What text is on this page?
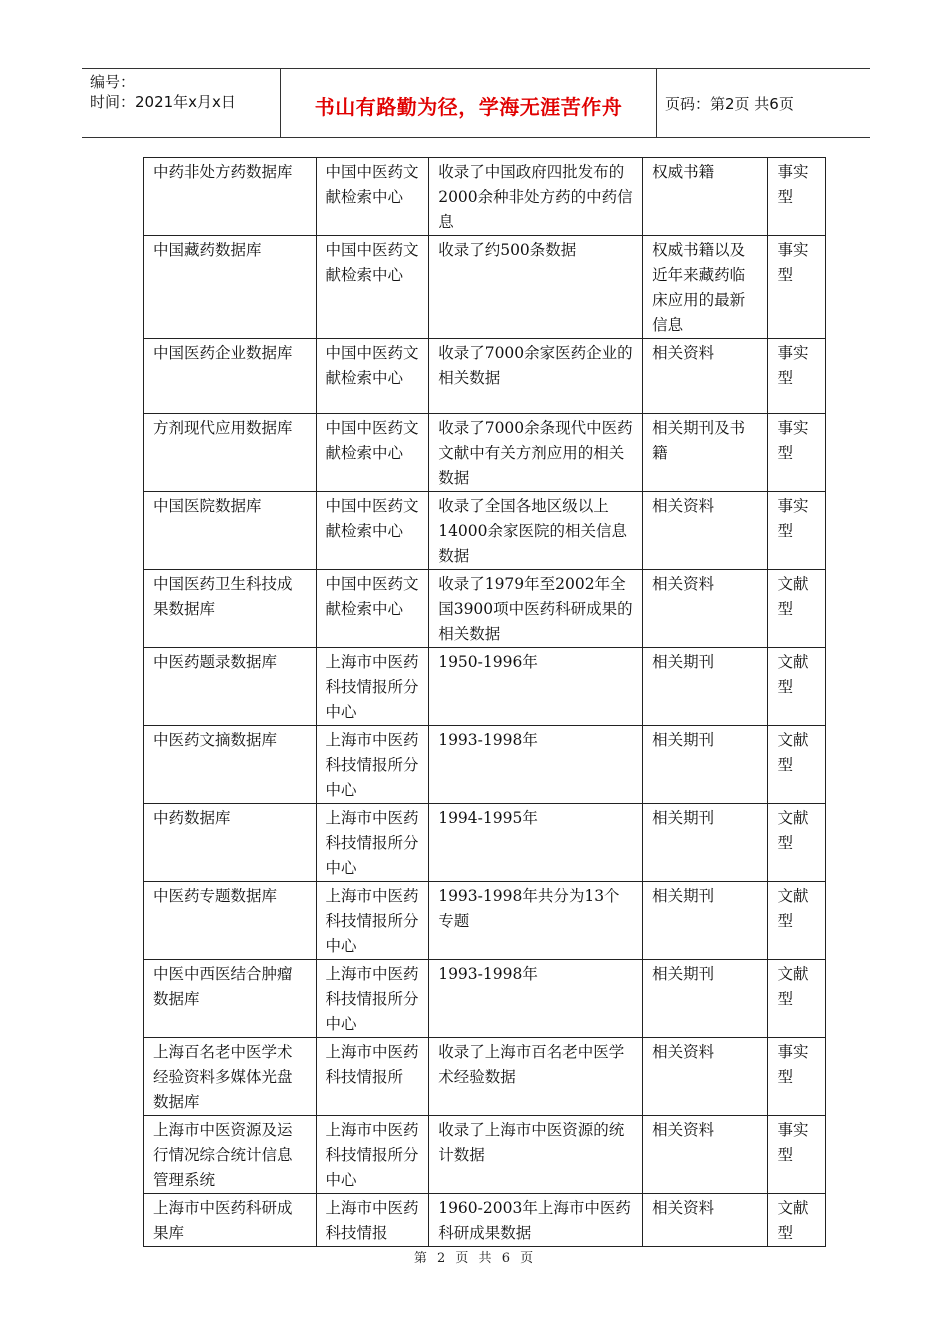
编号：
时间：2021年x月x日	书山有路勤为径，学海无涯苦作舟	页码：第2页 共6页
中药非处方药数据库	中国中医药文献检索中心	收录了中国政府四批发布的2000余种非处方药的中药信息	权威书籍	事实型
中国藏药数据库	中国中医药文献检索中心	收录了约500条数据	权威书籍以及近年来藏药临床应用的最新信息	事实型
中国医药企业数据库	中国中医药文献检索中心	收录了7000余家医药企业的相关数据	相关资料	事实型
方剂现代应用数据库	中国中医药文献检索中心	收录了7000余条现代中医药文献中有关方剂应用的相关数据	相关期刊及书籍	事实型
中国医院数据库	中国中医药文献检索中心	收录了全国各地区级以上14000余家医院的相关信息数据	相关资料	事实型
中国医药卫生科技成果数据库	中国中医药文献检索中心	收录了1979年至2002年全国3900项中医药科研成果的相关数据	相关资料	文献型
中医药题录数据库	上海市中医药科技情报所分中心	1950-1996年	相关期刊	文献型
中医药文摘数据库	上海市中医药科技情报所分中心	1993-1998年	相关期刊	文献型
中药数据库	上海市中医药科技情报所分中心	1994-1995年	相关期刊	文献型
中医药专题数据库	上海市中医药科技情报所分中心	1993-1998年共分为13个专题	相关期刊	文献型
中医中西医结合肿瘤数据库	上海市中医药科技情报所分中心	1993-1998年	相关期刊	文献型
上海百名老中医学术经验资料多媒体光盘数据库	上海市中医药科技情报所	收录了上海市百名老中医学术经验数据	相关资料	事实型
上海市中医资源及运行情况综合统计信息管理系统	上海市中医药科技情报所分中心	收录了上海市中医资源的统计数据	相关资料	事实型
上海市中医药科研成果库	上海市中医药科技情报	1960-2003年上海市中医药科研成果数据	相关资料	文献型
第 2 页 共 6 页
